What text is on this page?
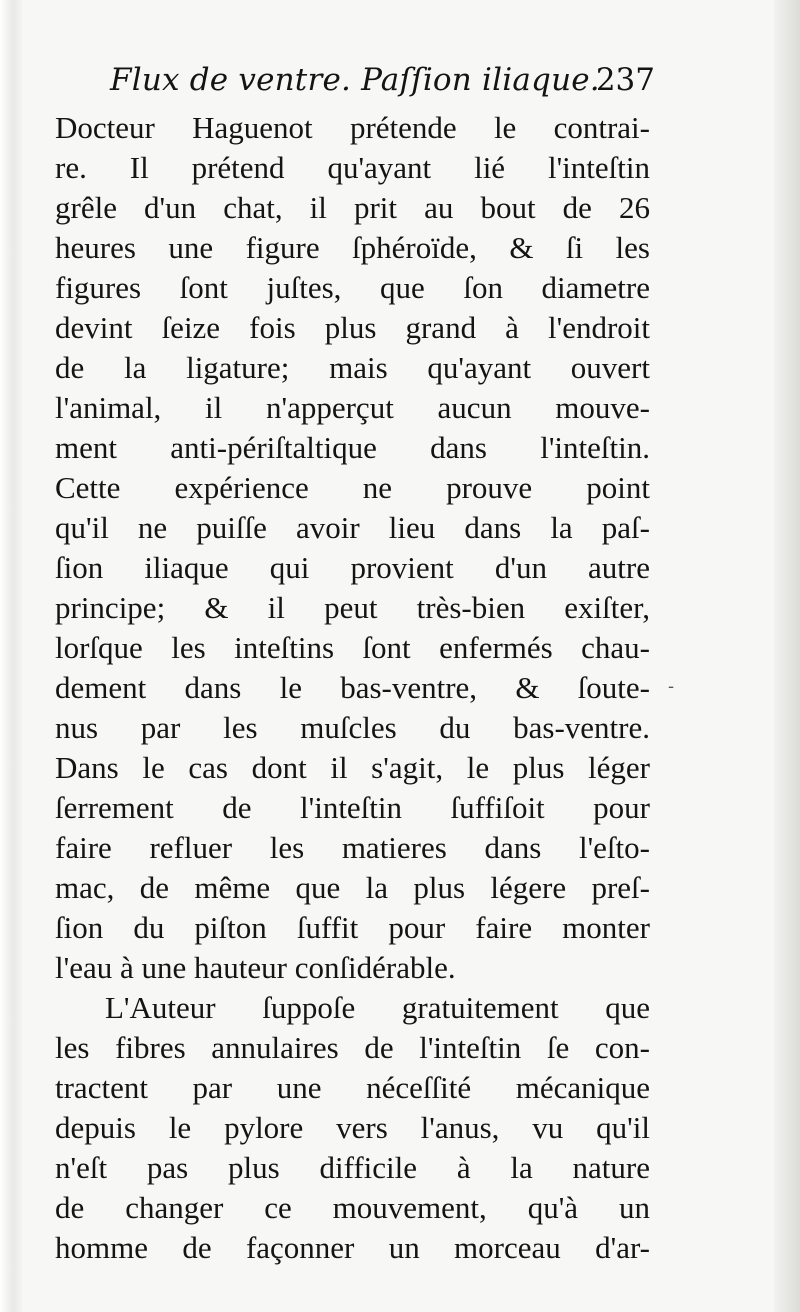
Flux de ventre. Paſſion iliaque.
237
Docteur Haguenot prétende le contrai-
re. Il prétend qu'ayant lié l'inteſtin
grêle d'un chat, il prit au bout de 26
heures une figure ſphéroïde, & ſi les
figures ſont juſtes, que ſon diametre
devint ſeize fois plus grand à l'endroit
de la ligature; mais qu'ayant ouvert
l'animal, il n'apperçut aucun mouve-
ment anti-périſtaltique dans l'inteſtin.
Cette expérience ne prouve point
qu'il ne puiſſe avoir lieu dans la paſ-
ſion iliaque qui provient d'un autre
principe; & il peut très-bien exiſter,
lorſque les inteſtins ſont enfermés chau-
dement dans le bas-ventre, & ſoute-
nus par les muſcles du bas-ventre.
Dans le cas dont il s'agit, le plus léger
ſerrement de l'inteſtin ſuffiſoit pour
faire refluer les matieres dans l'eſto-
mac, de même que la plus légere preſ-
ſion du piſton ſuffit pour faire monter
l'eau à une hauteur conſidérable.
L'Auteur ſuppoſe gratuitement que
les fibres annulaires de l'inteſtin ſe con-
tractent par une néceſſité mécanique
depuis le pylore vers l'anus, vu qu'il
n'eſt pas plus difficile à la nature
de changer ce mouvement, qu'à un
homme de façonner un morceau d'ar-
-
